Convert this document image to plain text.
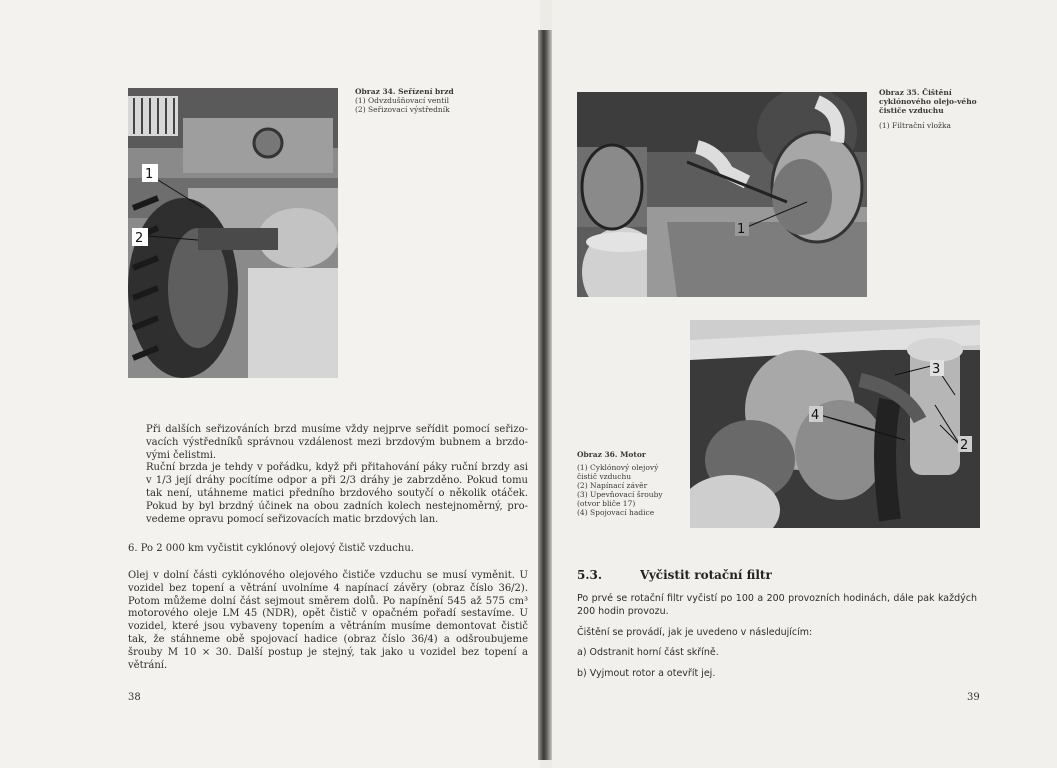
1
2
Obraz 34. Seřízení brzd
(1) Odvzdušňovací ventil
(2) Seřizovací výstředník

Při dalších seřizováních brzd musíme vždy nejprve seřídit pomocí seřizo-vacích výstředníků správnou vzdálenost mezi brzdovým bubnem a brzdo-vými čelistmi.

Ruční brzda je tehdy v pořádku, když při přitahování páky ruční brzdy asi v 1/3 její dráhy pocítíme odpor a při 2/3 dráhy je zabrzděno. Pokud tomu tak není, utáhneme matici předního brzdového soutyčí o několik otáček. Pokud by byl brzdný účinek na obou zadních kolech nestejnoměrný, pro-vedeme opravu pomocí seřizovacích matic brzdových lan.

6. Po 2 000 km vyčistit cyklónový olejový čistič vzduchu.

Olej v dolní části cyklónového olejového čističe vzduchu se musí vyměnit. U vozidel bez topení a větrání uvolníme 4 napínací závěry (obraz číslo 36/2). Potom můžeme dolní část sejmout směrem dolů. Po napínění 545 až 575 cm³ motorového oleje LM 45 (NDR), opět čistič v opačném pořadí sestavíme. U vozidel, které jsou vybaveny topením a větráním musíme demontovat čistič tak, že stáhneme obě spojovací hadice (obraz číslo 36/4) a odšroubujeme šrouby M 10 × 30. Další postup je stejný, tak jako u vozidel bez topení a větrání.

38
1
Obraz 35. Čištění cyklónového olejo-vého čističe vzduchu
(1) Filtrační vložka
4
3
2
Obraz 36. Motor
(1) Cyklónový olejový čistič vzduchu
(2) Napínací závěr
(3) Upevňovací šrouby (otvor bliče 17)
(4) Spojovací hadice
5.3.	Vyčistit rotační filtr

Po prvé se rotační filtr vyčistí po 100 a 200 provozních hodinách, dále pak každých 200 hodin provozu.

Čištění se provádí, jak je uvedeno v následujícím:

a) Odstranit horní část skříně.

b) Vyjmout rotor a otevřít jej.

39
